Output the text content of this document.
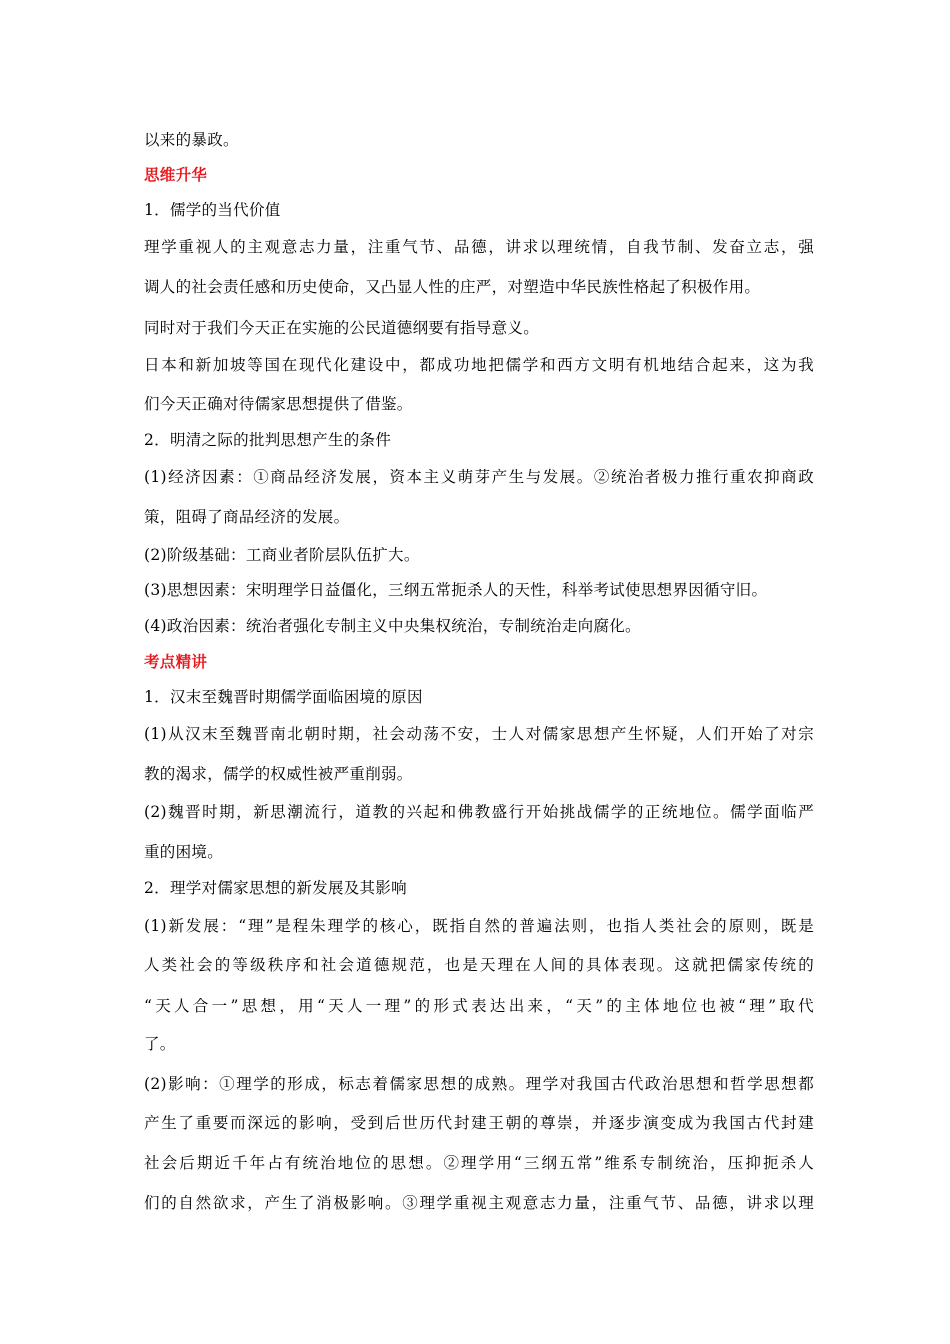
以来的暴政。
思维升华
1．儒学的当代价值
理学重视人的主观意志力量，注重气节、品德，讲求以理统情，自我节制、发奋立志，强
调人的社会责任感和历史使命，又凸显人性的庄严，对塑造中华民族性格起了积极作用。
同时对于我们今天正在实施的公民道德纲要有指导意义。
日本和新加坡等国在现代化建设中，都成功地把儒学和西方文明有机地结合起来，这为我
们今天正确对待儒家思想提供了借鉴。
2．明清之际的批判思想产生的条件
(1)经济因素：①商品经济发展，资本主义萌芽产生与发展。②统治者极力推行重农抑商政
策，阻碍了商品经济的发展。
(2)阶级基础：工商业者阶层队伍扩大。
(3)思想因素：宋明理学日益僵化，三纲五常扼杀人的天性，科举考试使思想界因循守旧。
(4)政治因素：统治者强化专制主义中央集权统治，专制统治走向腐化。
考点精讲
1．汉末至魏晋时期儒学面临困境的原因
(1)从汉末至魏晋南北朝时期，社会动荡不安，士人对儒家思想产生怀疑，人们开始了对宗
教的渴求，儒学的权威性被严重削弱。
(2)魏晋时期，新思潮流行，道教的兴起和佛教盛行开始挑战儒学的正统地位。儒学面临严
重的困境。
2．理学对儒家思想的新发展及其影响
(1)新发展：“理”是程朱理学的核心，既指自然的普遍法则，也指人类社会的原则，既是
人类社会的等级秩序和社会道德规范，也是天理在人间的具体表现。这就把儒家传统的
“天人合一”思想，用“天人一理”的形式表达出来，“天”的主体地位也被“理”取代
了。
(2)影响：①理学的形成，标志着儒家思想的成熟。理学对我国古代政治思想和哲学思想都
产生了重要而深远的影响，受到后世历代封建王朝的尊崇，并逐步演变成为我国古代封建
社会后期近千年占有统治地位的思想。②理学用“三纲五常”维系专制统治，压抑扼杀人
们的自然欲求，产生了消极影响。③理学重视主观意志力量，注重气节、品德，讲求以理
